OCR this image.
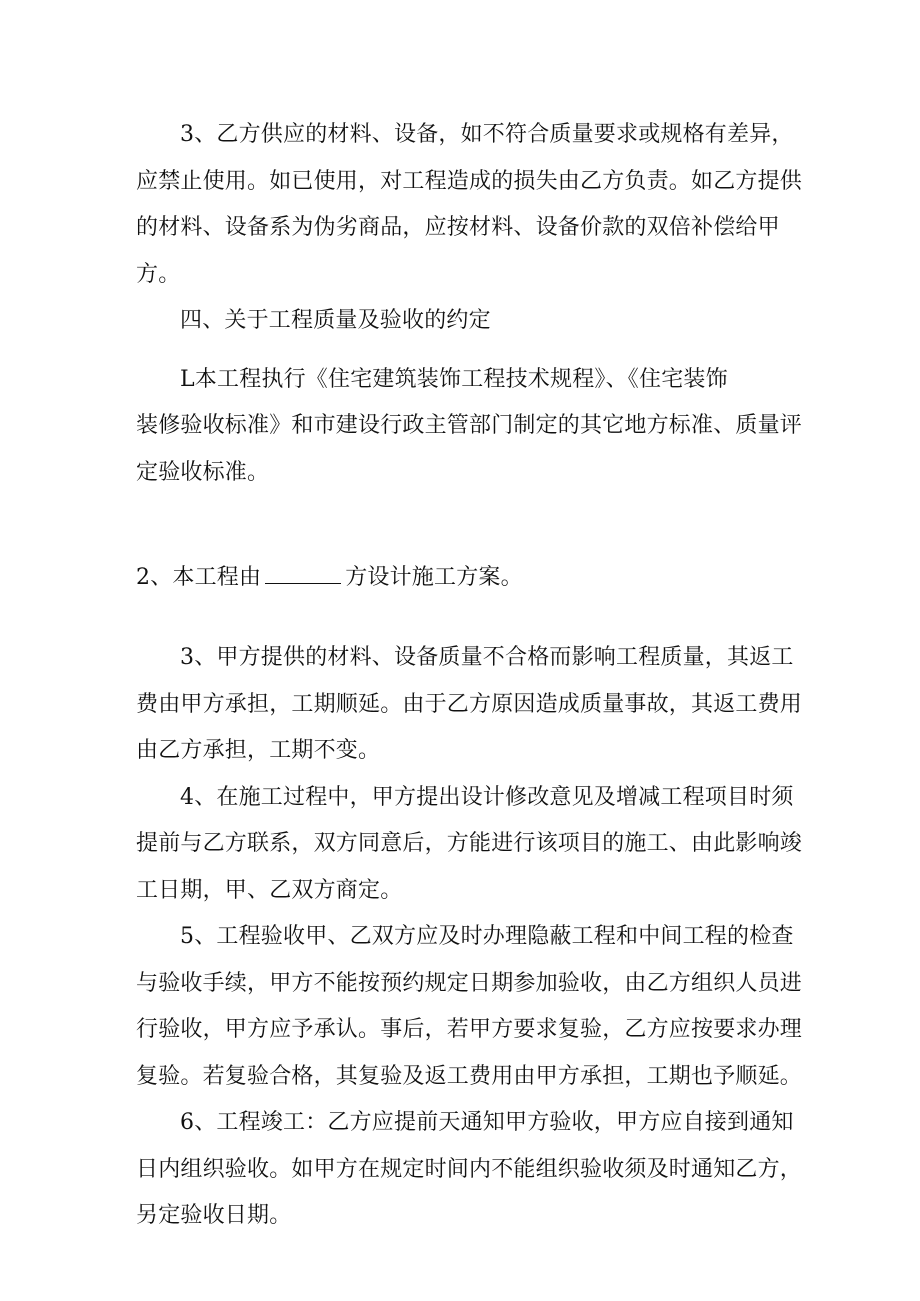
3、乙方供应的材料、设备，如不符合质量要求或规格有差异，
应禁止使用。如已使用，对工程造成的损失由乙方负责。如乙方提供
的材料、设备系为伪劣商品，应按材料、设备价款的双倍补偿给甲方。

四、关于工程质量及验收的约定

L本工程执行《住宅建筑装饰工程技术规程》、《住宅装饰
装修验收标准》和市建设行政主管部门制定的其它地方标准、质量评
定验收标准。

2、本工程由	方设计施工方案。

3、甲方提供的材料、设备质量不合格而影响工程质量，其返工
费由甲方承担，工期顺延。由于乙方原因造成质量事故，其返工费用
由乙方承担，工期不变。

4、在施工过程中，甲方提出设计修改意见及增减工程项目时须
提前与乙方联系，双方同意后，方能进行该项目的施工、由此影响竣
工日期，甲、乙双方商定。

5、工程验收甲、乙双方应及时办理隐蔽工程和中间工程的检查
与验收手续，甲方不能按预约规定日期参加验收，由乙方组织人员进
行验收，甲方应予承认。事后，若甲方要求复验，乙方应按要求办理
复验。若复验合格，其复验及返工费用由甲方承担，工期也予顺延。

6、工程竣工：乙方应提前天通知甲方验收，甲方应自接到通知
日内组织验收。如甲方在规定时间内不能组织验收须及时通知乙方，
另定验收日期。
